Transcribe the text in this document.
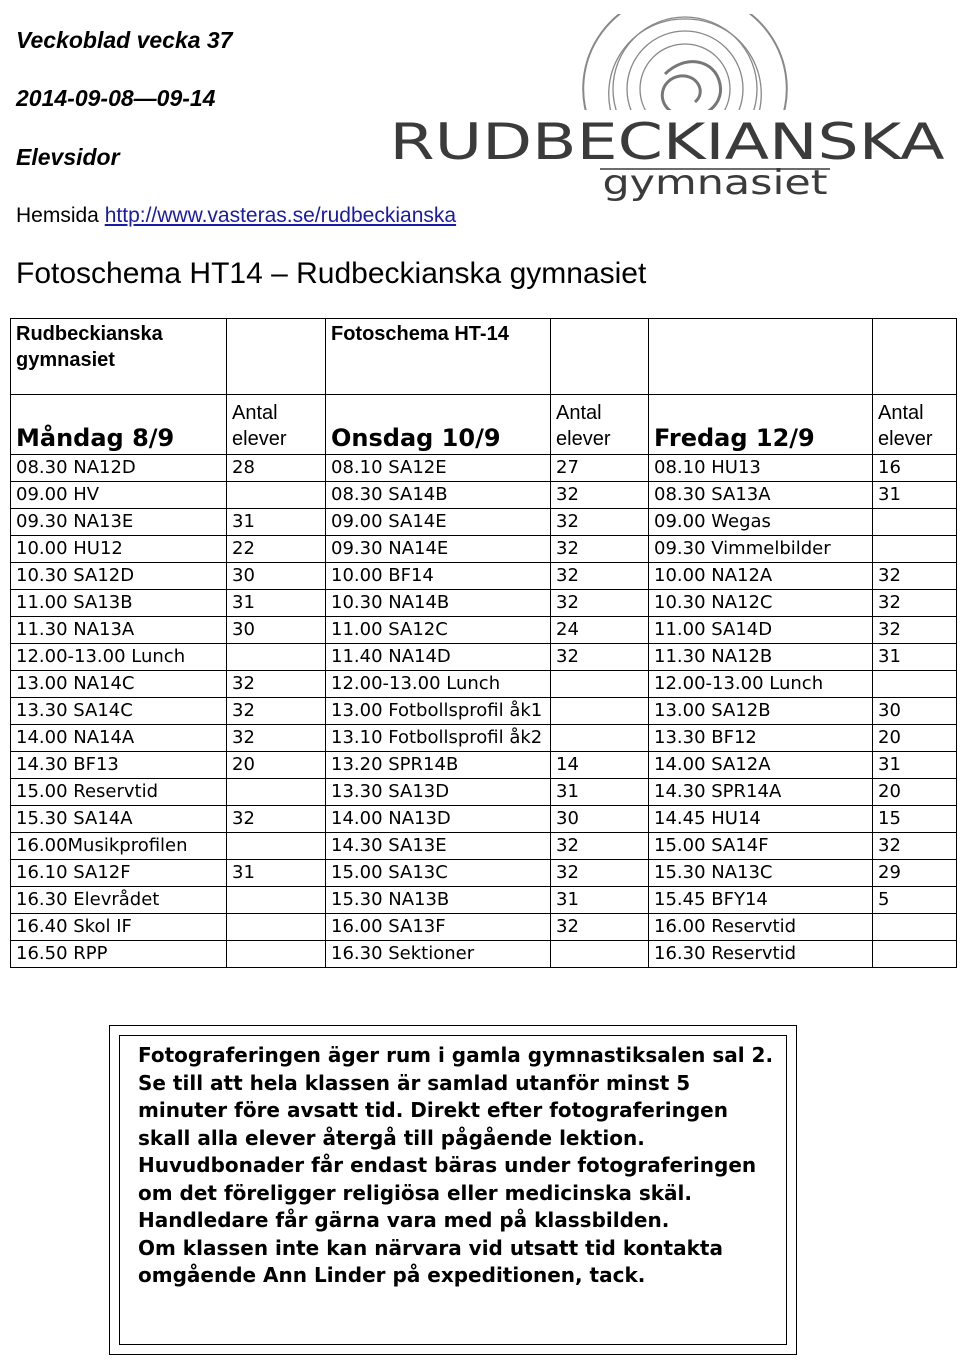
Veckoblad vecka 37
2014-09-08—09-14
Elevsidor
Hemsida http://www.vasteras.se/rudbeckianska
RUDBECKIANSKA
gymnasiet
Fotoschema HT14 – Rudbeckianska gymnasiet
Rudbeckianska gymnasiet		Fotoschema HT-14			
Måndag 8/9	Antal elever	Onsdag 10/9	Antal elever	Fredag 12/9	Antal elever
08.30 NA12D	28	08.10 SA12E	27	08.10 HU13	16
09.00 HV		08.30 SA14B	32	08.30 SA13A	31
09.30 NA13E	31	09.00 SA14E	32	09.00 Wegas	
10.00 HU12	22	09.30 NA14E	32	09.30 Vimmelbilder	
10.30 SA12D	30	10.00 BF14	32	10.00 NA12A	32
11.00 SA13B	31	10.30 NA14B	32	10.30 NA12C	32
11.30 NA13A	30	11.00 SA12C	24	11.00 SA14D	32
12.00-13.00 Lunch		11.40 NA14D	32	11.30 NA12B	31
13.00 NA14C	32	12.00-13.00 Lunch		12.00-13.00 Lunch	
13.30 SA14C	32	13.00 Fotbollsprofil åk1		13.00 SA12B	30
14.00 NA14A	32	13.10 Fotbollsprofil åk2		13.30 BF12	20
14.30 BF13	20	13.20 SPR14B	14	14.00 SA12A	31
15.00 Reservtid		13.30 SA13D	31	14.30 SPR14A	20
15.30 SA14A	32	14.00 NA13D	30	14.45 HU14	15
16.00Musikprofilen		14.30 SA13E	32	15.00 SA14F	32
16.10 SA12F	31	15.00 SA13C	32	15.30 NA13C	29
16.30 Elevrådet		15.30 NA13B	31	15.45 BFY14	5
16.40 Skol IF		16.00 SA13F	32	16.00 Reservtid	
16.50 RPP		16.30 Sektioner		16.30 Reservtid	

Fotograferingen äger rum i gamla gymnastiksalen sal 2. Se till att hela klassen är samlad utanför minst 5 minuter före avsatt tid. Direkt efter fotograferingen skall alla elever återgå till pågående lektion. Huvudbonader får endast bäras under fotograferingen om det föreligger religiösa eller medicinska skäl.

Handledare får gärna vara med på klassbilden.

Om klassen inte kan närvara vid utsatt tid kontakta omgående Ann Linder på expeditionen, tack.
